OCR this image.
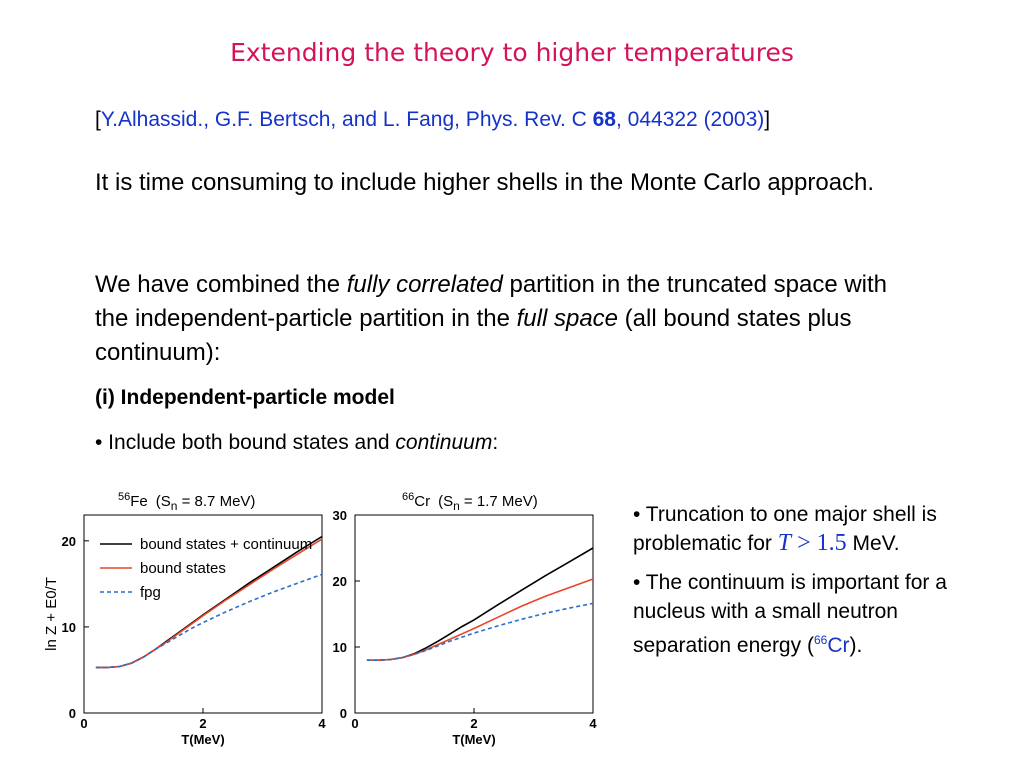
Extending the theory to higher temperatures
[Y.Alhassid., G.F. Bertsch, and L. Fang, Phys. Rev. C 68, 044322 (2003)]
It is time consuming to include higher shells in the Monte Carlo approach.
We have combined the fully correlated partition in the truncated space with the independent-particle partition in the full space (all bound states plus continuum):
(i) Independent-particle model
• Include both bound states and continuum:

• Truncation to one major shell is problematic for T > 1.5 MeV.

• The continuum is important for a nucleus with a small neutron separation energy ($^{66}$Cr).

$^{56}$Fe ($S_n = 8.7$ MeV)
0	2	4
0
10
20
T(MeV)
ln Z + E0/T
bound states + continuum
bound states
fpg
$^{66}$Cr ($S_n = 1.7$ MeV)
0	2	4
0
10
20
30
T(MeV)
